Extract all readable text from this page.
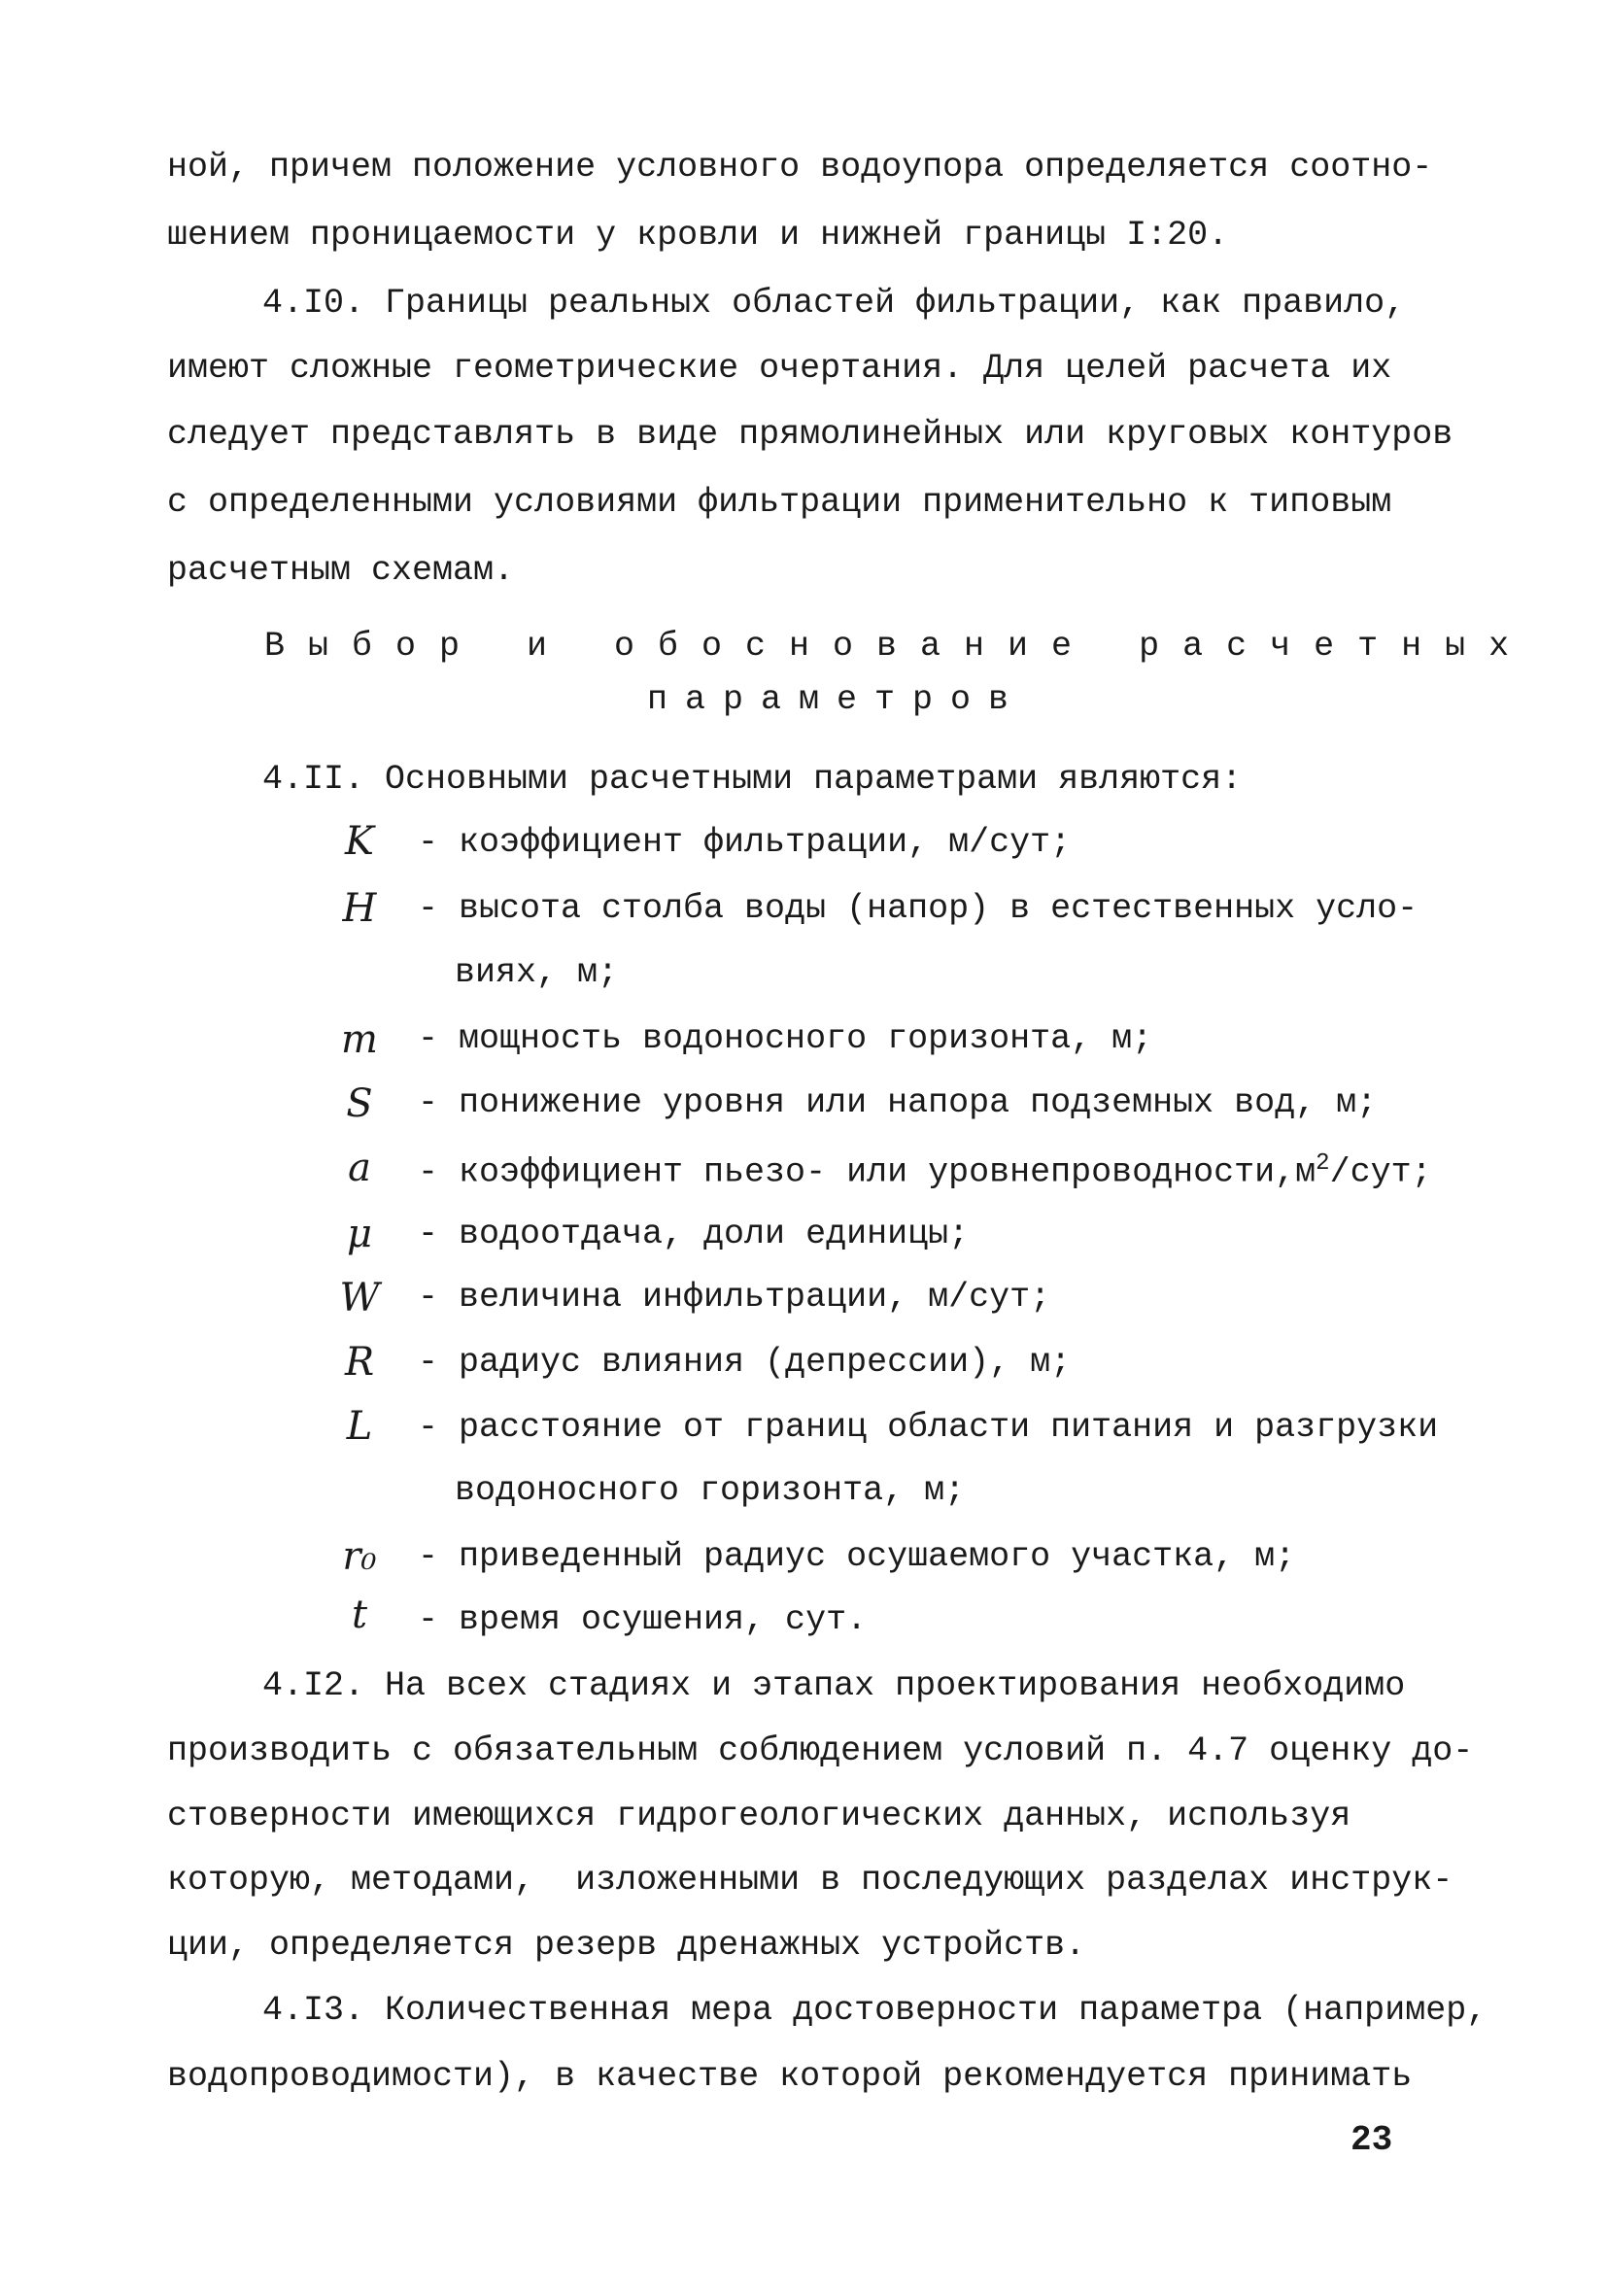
ной, причем положение условного водоупора определяется соотно-
шением проницаемости у кровли и нижней границы I:20.
4.I0. Границы реальных областей фильтрации, как правило,
имеют сложные геометрические очертания. Для целей расчета их
следует представлять в виде прямолинейных или круговых контуров
с определенными условиями фильтрации применительно к типовым
расчетным схемам.
Выбор и обоснование расчетных
параметров
4.II. Основными расчетными параметрами являются:
K	- коэффициент фильтрации, м/сут;
H	- высота столба воды (напор) в естественных усло-
виях, м;
m	- мощность водоносного горизонта, м;
S	- понижение уровня или напора подземных вод, м;
a	- коэффициент пьезо- или $уровнепроводности,м^2$/сут;
μ	- водоотдача, доли единицы;
W	- величина инфильтрации, м/сут;
R	- радиус влияния (депрессии), м;
L	- расстояние от границ области питания и разгрузки
водоносного горизонта, м;
r₀	- приведенный радиус осушаемого участка, м;
t	- время осушения, сут.
4.I2. На всех стадиях и этапах проектирования необходимо
производить с обязательным соблюдением условий п. 4.7 оценку до-
стоверности имеющихся гидрогеологических данных, используя
которую, методами,  изложенными в последующих разделах инструк-
ции, определяется резерв дренажных устройств.
4.I3. Количественная мера достоверности параметра (например,
водопроводимости), в качестве которой рекомендуется принимать
23
